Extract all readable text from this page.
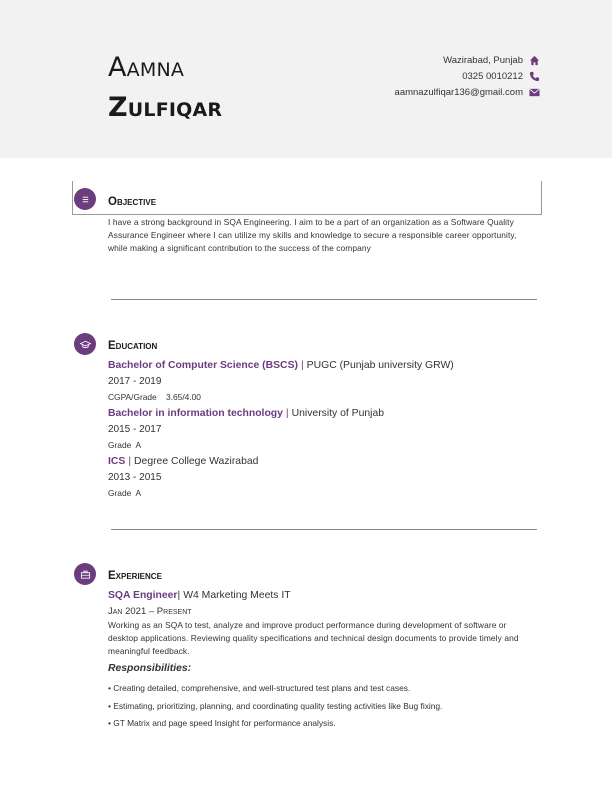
Aamna
Zulfiqar
Wazirabad, Punjab
0325 0010212
aamnazulfiqar136@gmail.com
Objective
I have a strong background in SQA Engineering. I aim to be a part of an organization as a Software Quality Assurance Engineer where I can utilize my skills and knowledge to secure a responsible career opportunity, while making a significant contribution to the success of the company
Education
Bachelor of Computer Science (BSCS) | PUGC (Punjab university GRW)
2017 - 2019
CGPA/Grade    3.65/4.00
Bachelor in information technology | University of Punjab
2015 - 2017
Grade  A
ICS | Degree College Wazirabad
2013 - 2015
Grade  A
Experience
SQA Engineer| W4 Marketing Meets IT
Jan 2021 – Present
Working as an SQA to test, analyze and improve product performance during development of software or desktop applications. Reviewing quality specifications and technical design documents to provide timely and meaningful feedback.
Responsibilities:
• Creating detailed, comprehensive, and well-structured test plans and test cases.
• Estimating, prioritizing, planning, and coordinating quality testing activities like Bug fixing.
• GT Matrix and page speed Insight for performance analysis.
